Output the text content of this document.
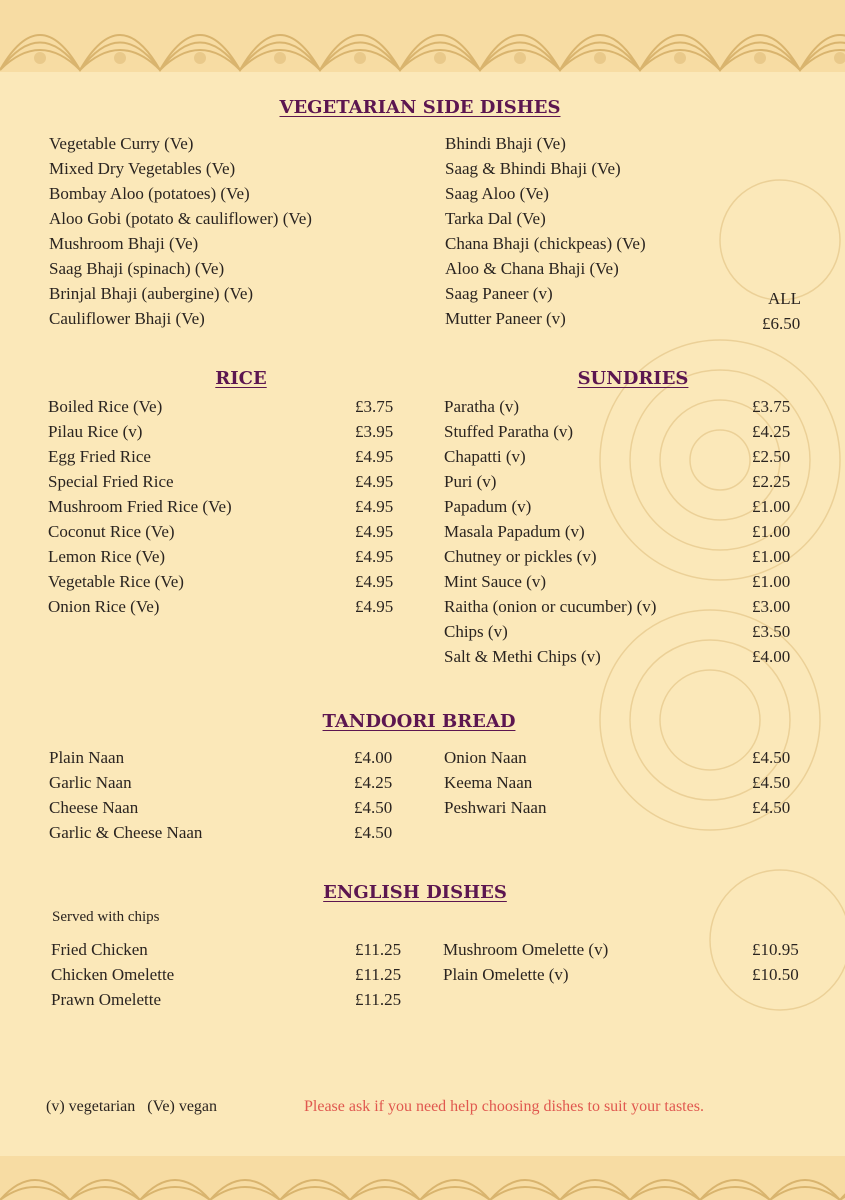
VEGETARIAN SIDE DISHES
Vegetable Curry (Ve)
Mixed Dry Vegetables (Ve)
Bombay Aloo (potatoes) (Ve)
Aloo Gobi (potato & cauliflower) (Ve)
Mushroom Bhaji (Ve)
Saag Bhaji (spinach) (Ve)
Brinjal Bhaji (aubergine) (Ve)
Cauliflower Bhaji (Ve)
Bhindi Bhaji (Ve)
Saag & Bhindi Bhaji (Ve)
Saag Aloo (Ve)
Tarka Dal (Ve)
Chana Bhaji (chickpeas) (Ve)
Aloo & Chana Bhaji (Ve)
Saag Paneer (v)
Mutter Paneer (v)
ALL
£6.50
RICE
Boiled Rice (Ve)	£3.75
Pilau Rice (v)	£3.95
Egg Fried Rice	£4.95
Special Fried Rice	£4.95
Mushroom Fried Rice (Ve)	£4.95
Coconut Rice (Ve)	£4.95
Lemon Rice (Ve)	£4.95
Vegetable Rice (Ve)	£4.95
Onion Rice (Ve)	£4.95
SUNDRIES
Paratha (v)	£3.75
Stuffed Paratha (v)	£4.25
Chapatti (v)	£2.50
Puri (v)	£2.25
Papadum (v)	£1.00
Masala Papadum (v)	£1.00
Chutney or pickles (v)	£1.00
Mint Sauce (v)	£1.00
Raitha (onion or cucumber) (v)	£3.00
Chips (v)	£3.50
Salt & Methi Chips (v)	£4.00
TANDOORI BREAD
Plain Naan	£4.00
Garlic Naan	£4.25
Cheese Naan	£4.50
Garlic & Cheese Naan	£4.50
Onion Naan	£4.50
Keema Naan	£4.50
Peshwari Naan	£4.50
ENGLISH DISHES
Served with chips
Fried Chicken	£11.25
Chicken Omelette	£11.25
Prawn Omelette	£11.25
Mushroom Omelette (v)	£10.95
Plain Omelette (v)	£10.50
(v) vegetarian   (Ve) vegan	Please ask if you need help choosing dishes to suit your tastes.
